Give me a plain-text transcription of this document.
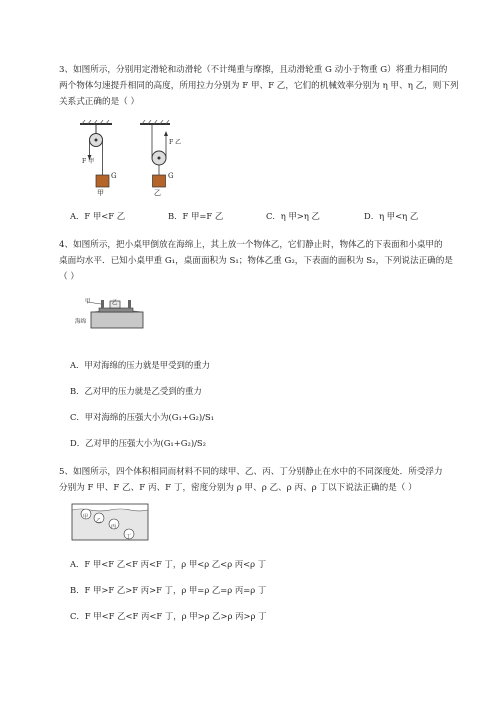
3、如图所示，分别用定滑轮和动滑轮（不计绳重与摩擦，且动滑轮重 G 动小于物重 G）将重力相同的
两个物体匀速提升相同的高度，所用拉力分别为 F 甲、F 乙，它们的机械效率分别为 η 甲、η 乙，则下列
关系式正确的是（ ）
F 甲
F 乙
G	G
甲	乙
A．F 甲<F 乙	B．F 甲=F 乙	C．η 甲>η 乙	D．η 甲<η 乙
4、如图所示，把小桌甲倒放在海绵上，其上放一个物体乙，它们静止时，物体乙的下表面和小桌甲的
桌面均水平．已知小桌甲重 G₁，桌面面积为 S₁；物体乙重 G₂，下表面的面积为 S₂，下列说法正确的是
（ ）
甲	乙
海绵
A．甲对海绵的压力就是甲受到的重力
B．乙对甲的压力就是乙受到的重力
C．甲对海绵的压强大小为(G₁+G₂)/S₁
D．乙对甲的压强大小为(G₁+G₂)/S₂
5、如图所示，四个体积相同而材料不同的球甲、乙、丙、丁分别静止在水中的不同深度处．所受浮力
分别为 F 甲、F 乙、F 丙、F 丁，密度分别为 ρ 甲、ρ 乙、ρ 丙、ρ 丁以下说法正确的是（ ）
甲
乙
丙
丁
A．F 甲<F 乙<F 丙<F 丁，ρ 甲<ρ 乙<ρ 丙<ρ 丁
B．F 甲>F 乙>F 丙>F 丁，ρ 甲=ρ 乙=ρ 丙=ρ 丁
C．F 甲<F 乙<F 丙<F 丁，ρ 甲>ρ 乙>ρ 丙>ρ 丁
